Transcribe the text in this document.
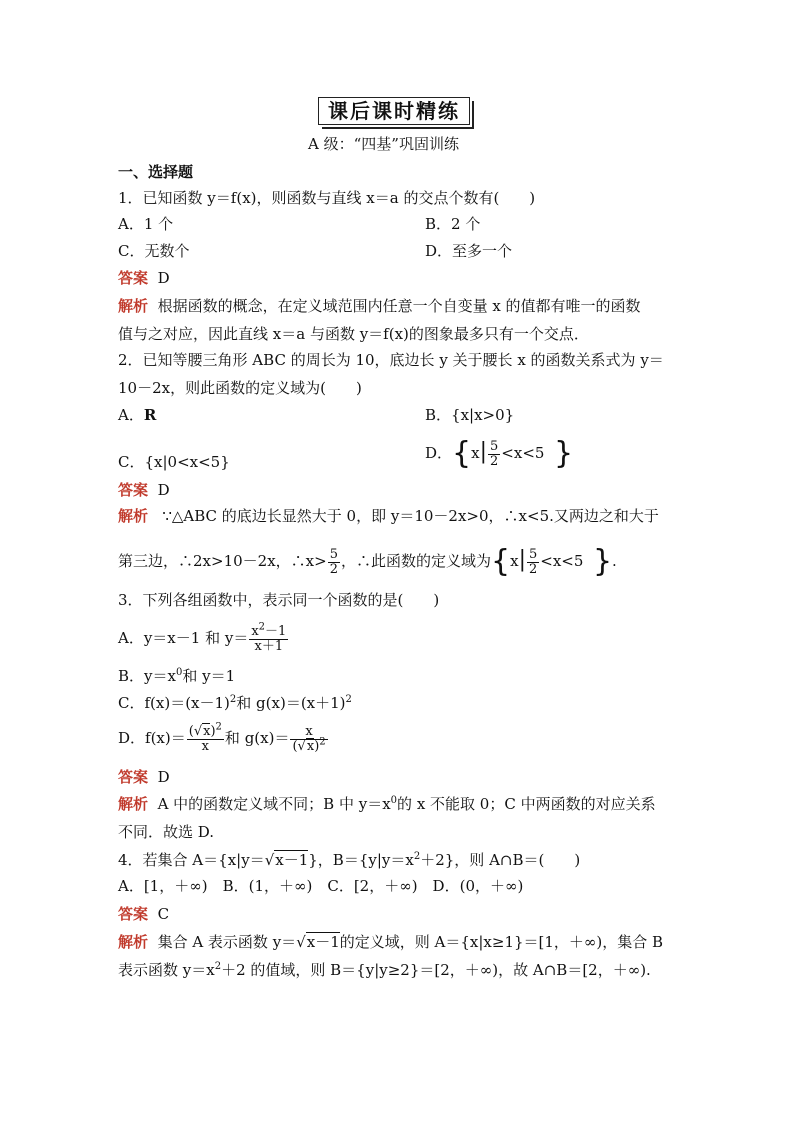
课后课时精练
A 级：“四基”巩固训练
一、选择题
1．已知函数 y＝f(x)，则函数与直线 x＝a 的交点个数有(　　)
A．1 个	B．2 个
C．无数个	D．至多一个
答案 D
解析 根据函数的概念，在定义域范围内任意一个自变量 x 的值都有唯一的函数
值与之对应，因此直线 x＝a 与函数 y＝f(x)的图象最多只有一个交点．
2．已知等腰三角形 ABC 的周长为 10，底边长 y 关于腰长 x 的函数关系式为 y＝
10－2x，则此函数的定义域为(　　)
A．R	B．{x|x>0}
C．{x|0<x<5}	D．{$x| \frac{5}{2} <x<5$ }
答案 D
解析 ∵△ABC 的底边长显然大于 0，即 y＝10－2x>0，∴x<5.又两边之和大于
第三边，∴2x>10－2x，∴x> $\frac{5}{2}$ ，∴此函数的定义域为{$x| \frac{5}{2} <x<5$ }.
3．下列各组函数中，表示同一个函数的是(　　)
A．y＝x－1 和 $y= \frac{x^2-1}{x+1}$
B．$y=x^0$和 y＝1
C．$f(x)=(x-1)^2$和 $g(x)=(x+1)^2$
D．$f(x)= \frac{(√x)^2}{x}$ 和 $g(x)= \frac{x}{(√x)^2}$
答案 D
解析 A 中的函数定义域不同；B 中 $y=x^0$的 x 不能取 0；C 中两函数的对应关系
不同．故选 D.
4．若集合 A＝{x|y＝√x－1}，$B=\{y|y=x^2+2\}$，则 A∩B＝(　　)
A．[1，＋∞)　B．(1，＋∞)　C．[2，＋∞)　D．(0，＋∞)
答案 C
解析 集合 A 表示函数 y＝√x－1的定义域，则 A＝{x|x≥1}＝[1，＋∞)，集合 B
表示函数 $y=x^2+2$ 的值域，则 B＝{y|y≥2}＝[2，＋∞)，故 A∩B＝[2，＋∞).
